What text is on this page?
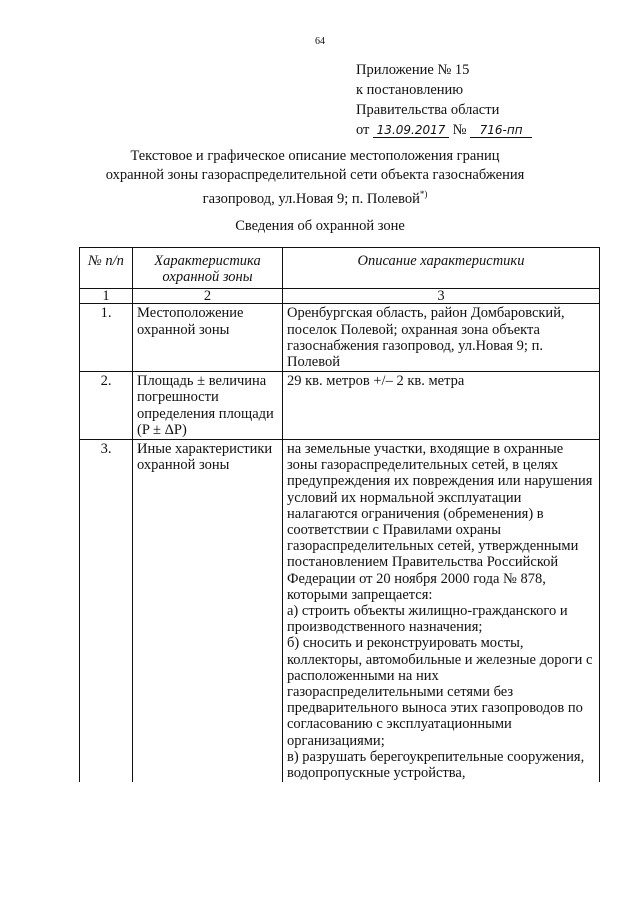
64
Приложение № 15
к постановлению
Правительства области
от 13.09.2017 № 716-пп
Текстовое и графическое описание местоположения границ
охранной зоны газораспределительной сети объекта газоснабжения
газопровод, ул.Новая 9; п. Полевой*)
Сведения об охранной зоне
№ п/п	Характеристика охранной зоны	Описание характеристики
1	2	3
1.	Местоположение охранной зоны	Оренбургская область, район Домбаровский, поселок Полевой; охранная зона объекта газоснабжения газопровод, ул.Новая 9; п. Полевой
2.	Площадь ± величина погрешности определения площади (P ± ΔP)	29 кв. метров +/– 2 кв. метра
3.	Иные характеристики охранной зоны	на земельные участки, входящие в охранные зоны газораспределительных сетей, в целях предупреждения их повреждения или нарушения условий их нормальной эксплуатации налагаются ограничения (обременения) в соответствии с Правилами охраны газораспределительных сетей, утвержденными постановлением Правительства Российской Федерации от 20 ноября 2000 года № 878, которыми запрещается:
а) строить объекты жилищно-гражданского и производственного назначения;
б) сносить и реконструировать мосты, коллекторы, автомобильные и железные дороги с расположенными на них газораспределительными сетями без предварительного выноса этих газопроводов по согласованию с эксплуатационными организациями;
в) разрушать берегоукрепительные сооружения, водопропускные устройства,
